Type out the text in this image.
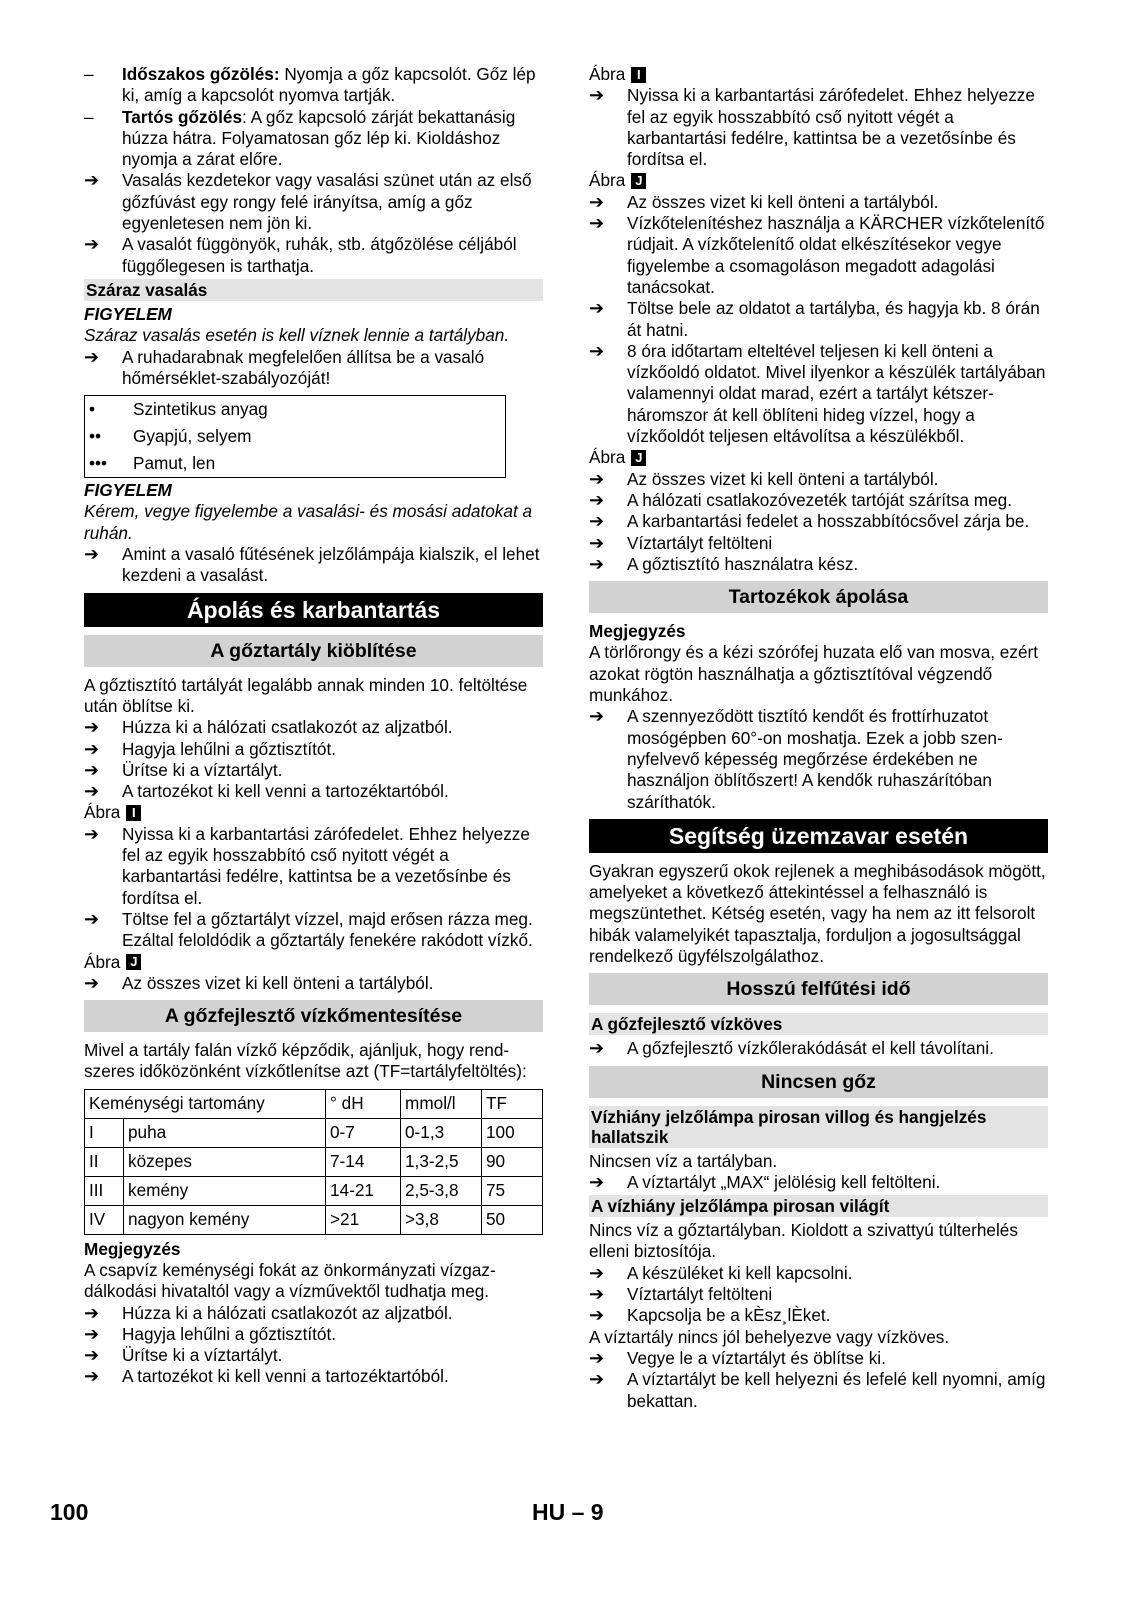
–	Időszakos gőzölés: Nyomja a gőz kapcsolót. Gőz lép ki, amíg a kapcsolót nyomva tartják.
–	Tartós gőzölés: A gőz kapcsoló zárját bekattanásig húzza hátra. Folyamatosan gőz lép ki. Kioldáshoz nyomja a zárat előre.
➔	Vasalás kezdetekor vagy vasalási szünet után az első gőzfúvást egy rongy felé irányítsa, amíg a gőz egyenletesen nem jön ki.
➔	A vasalót függönyök, ruhák, stb. átgőzölése céljából függőlegesen is tarthatja.
Száraz vasalás

FIGYELEM

Száraz vasalás esetén is kell víznek lennie a tartályban.

➔	A ruhadarabnak megfelelően állítsa be a vasaló hőmérséklet-szabályozóját!
•	Szintetikus anyag
••	Gyapjú, selyem
•••	Pamut, len

FIGYELEM

Kérem, vegye figyelembe a vasalási- és mosási adatokat a ruhán.

➔	Amint a vasaló fűtésének jelzőlámpája kialszik, el lehet kezdeni a vasalást.
Ápolás és karbantartás
A gőztartály kiöblítése

A gőztisztító tartályát legalább annak minden 10. feltöltése után öblítse ki.

➔	Húzza ki a hálózati csatlakozót az aljzatból.
➔	Hagyja lehűlni a gőztisztítót.
➔	Ürítse ki a víztartályt.
➔	A tartozékot ki kell venni a tartozéktartóból.
Ábra I
➔	Nyissa ki a karbantartási zárófedelet. Ehhez helyezze fel az egyik hosszabbító cső nyitott végét a karbantartási fedélre, kattintsa be a vezetősínbe és fordítsa el.
➔	Töltse fel a gőztartályt vízzel, majd erősen rázza meg. Ezáltal feloldódik a gőztartály fenekére rakódott vízkő.
Ábra J
➔	Az összes vizet ki kell önteni a tartályból.
A gőzfejlesztő vízkőmentesítése

Mivel a tartály falán vízkő képződik, ajánljuk, hogy rendszeres időközönként vízkőtlenítse azt (TF=tartályfeltöltés):

Keménységi tartomány		° dH	mmol/l	TF
I	puha	0-7	0-1,3	100
II	közepes	7-14	1,3-2,5	90
III	kemény	14-21	2,5-3,8	75
IV	nagyon kemény	>21	>3,8	50

Megjegyzés

A csapvíz keménységi fokát az önkormányzati vízgazdálkodási hivataltól vagy a vízművektől tudhatja meg.

➔	Húzza ki a hálózati csatlakozót az aljzatból.
➔	Hagyja lehűlni a gőztisztítót.
➔	Ürítse ki a víztartályt.
➔	A tartozékot ki kell venni a tartozéktartóból.
Ábra I
➔	Nyissa ki a karbantartási zárófedelet. Ehhez helyezze fel az egyik hosszabbító cső nyitott végét a karbantartási fedélre, kattintsa be a vezetősínbe és fordítsa el.
Ábra J
➔	Az összes vizet ki kell önteni a tartályból.
➔	Vízkőtelenítéshez használja a KÄRCHER vízkőtelenítő rúdjait. A vízkőtelenítő oldat elkészítésekor vegye figyelembe a csomagoláson megadott adagolási tanácsokat.
➔	Töltse bele az oldatot a tartályba, és hagyja kb. 8 órán át hatni.
➔	8 óra időtartam elteltével teljesen ki kell önteni a vízkőoldó oldatot. Mivel ilyenkor a készülék tartályában valamennyi oldat marad, ezért a tartályt kétszer-háromszor át kell öblíteni hideg vízzel, hogy a vízkőoldót teljesen eltávolítsa a készülékből.
Ábra J
➔	Az összes vizet ki kell önteni a tartályból.
➔	A hálózati csatlakozóvezeték tartóját szárítsa meg.
➔	A karbantartási fedelet a hosszabbítócsővel zárja be.
➔	Víztartályt feltölteni
➔	A gőztisztító használatra kész.
Tartozékok ápolása

Megjegyzés

A törlőrongy és a kézi szórófej huzata elő van mosva, ezért azokat rögtön használhatja a gőztisztítóval végzendő munkához.

➔	A szennyeződött tisztító kendőt és frottírhuzatot mosógépben 60°-on moshatja. Ezek a jobb szennyfelvevő képesség megőrzése érdekében ne használjon öblítőszert! A kendők ruhaszárítóban száríthatók.
Segítség üzemzavar esetén

Gyakran egyszerű okok rejlenek a meghibásodások mögött, amelyeket a következő áttekintéssel a felhasználó is megszüntethet. Kétség esetén, vagy ha nem az itt felsorolt hibák valamelyikét tapasztalja, forduljon a jogosultsággal rendelkező ügyfélszolgálathoz.

Hosszú felfűtési idő
A gőzfejlesztő vízköves
➔	A gőzfejlesztő vízkőlerakódását el kell távolítani.
Nincsen gőz
Vízhiány jelzőlámpa pirosan villog és hangjelzés hallatszik

Nincsen víz a tartályban.

➔	A víztartályt „MAX“ jelölésig kell feltölteni.
A vízhiány jelzőlámpa pirosan világít

Nincs víz a gőztartályban. Kioldott a szivattyú túlterhelés elleni biztosítója.

➔	A készüléket ki kell kapcsolni.
➔	Víztartályt feltölteni
➔	Kapcsolja be a kÈsz¸lÈket.

A víztartály nincs jól behelyezve vagy vízköves.

➔	Vegye le a víztartályt és öblítse ki.
➔	A víztartályt be kell helyezni és lefelé kell nyomni, amíg bekattan.
100	HU – 9
